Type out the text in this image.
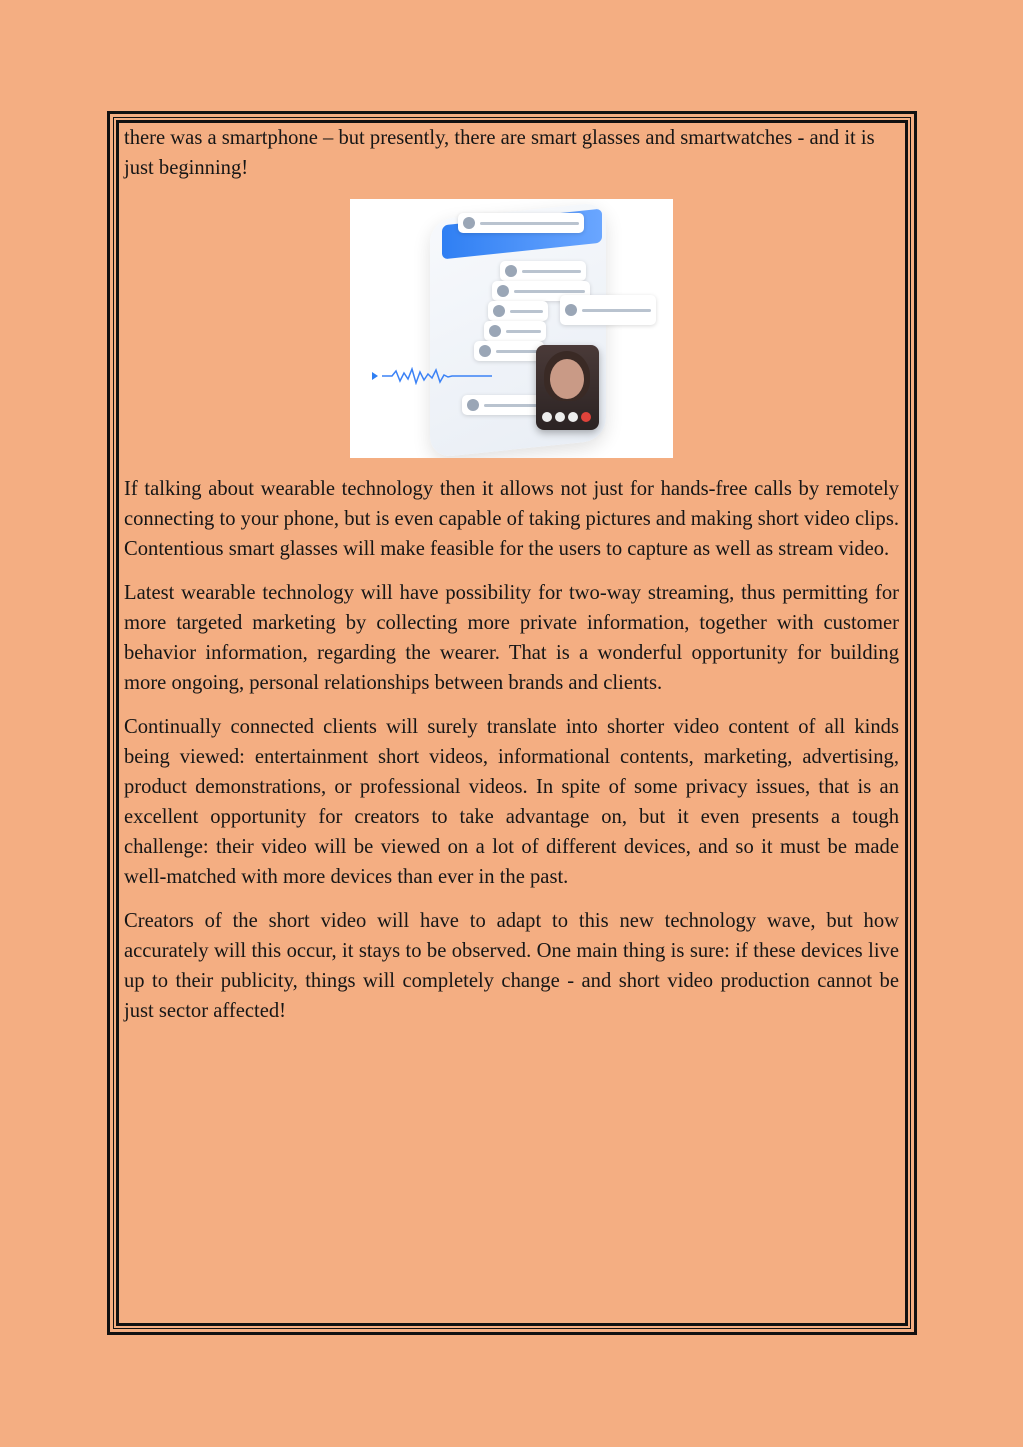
there was a smartphone – but presently, there are smart glasses and smartwatches - and it is just beginning!

If talking about wearable technology then it allows not just for hands-free calls by remotely connecting to your phone, but is even capable of taking pictures and making short video clips. Contentious smart glasses will make feasible for the users to capture as well as stream video.

Latest wearable technology will have possibility for two-way streaming, thus permitting for more targeted marketing by collecting more private information, together with customer behavior information, regarding the wearer. That is a wonderful opportunity for building more ongoing, personal relationships between brands and clients.

Continually connected clients will surely translate into shorter video content of all kinds being viewed: entertainment short videos, informational contents, marketing, advertising, product demonstrations, or professional videos. In spite of some privacy issues, that is an excellent opportunity for creators to take advantage on, but it even presents a tough challenge: their video will be viewed on a lot of different devices, and so it must be made well-matched with more devices than ever in the past.

Creators of the short video will have to adapt to this new technology wave, but how accurately will this occur, it stays to be observed. One main thing is sure: if these devices live up to their publicity, things will completely change - and short video production cannot be just sector affected!
